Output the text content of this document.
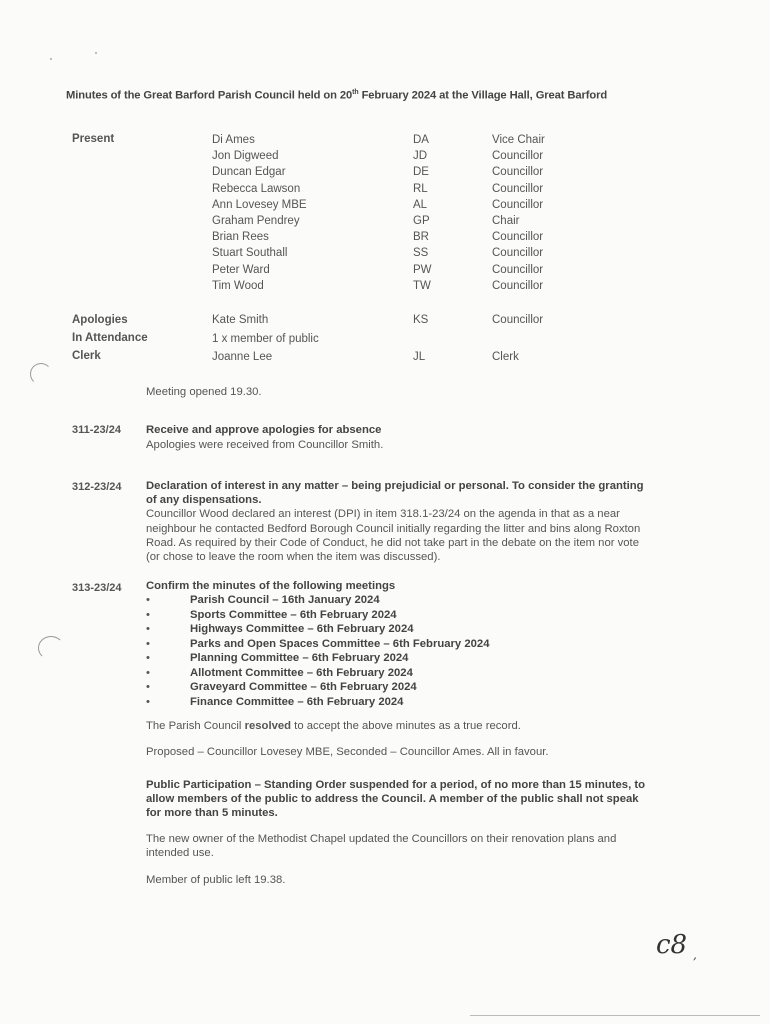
Minutes of the Great Barford Parish Council held on 20th February 2024 at the Village Hall, Great Barford
Present	Di Ames	DA	Vice Chair
Jon Digweed	JD	Councillor
Duncan Edgar	DE	Councillor
Rebecca Lawson	RL	Councillor
Ann Lovesey MBE	AL	Councillor
Graham Pendrey	GP	Chair
Brian Rees	BR	Councillor
Stuart Southall	SS	Councillor
Peter Ward	PW	Councillor
Tim Wood	TW	Councillor
Apologies	Kate Smith	KS	Councillor
In Attendance	1 x member of public
Clerk	Joanne Lee	JL	Clerk
Meeting opened 19.30.
311-23/24 Receive and approve apologies for absence
Apologies were received from Councillor Smith.
312-23/24 Declaration of interest in any matter – being prejudicial or personal. To consider the granting of any dispensations.
Councillor Wood declared an interest (DPI) in item 318.1-23/24 on the agenda in that as a near neighbour he contacted Bedford Borough Council initially regarding the litter and bins along Roxton Road. As required by their Code of Conduct, he did not take part in the debate on the item nor vote (or chose to leave the room when the item was discussed).
313-23/24 Confirm the minutes of the following meetings
• Parish Council – 16th January 2024
• Sports Committee – 6th February 2024
• Highways Committee – 6th February 2024
• Parks and Open Spaces Committee – 6th February 2024
• Planning Committee – 6th February 2024
• Allotment Committee – 6th February 2024
• Graveyard Committee – 6th February 2024
• Finance Committee – 6th February 2024
The Parish Council resolved to accept the above minutes as a true record.
Proposed – Councillor Lovesey MBE, Seconded – Councillor Ames. All in favour.
Public Participation – Standing Order suspended for a period, of no more than 15 minutes, to allow members of the public to address the Council. A member of the public shall not speak for more than 5 minutes.
The new owner of the Methodist Chapel updated the Councillors on their renovation plans and intended use.
Member of public left 19.38.
c8 ,
